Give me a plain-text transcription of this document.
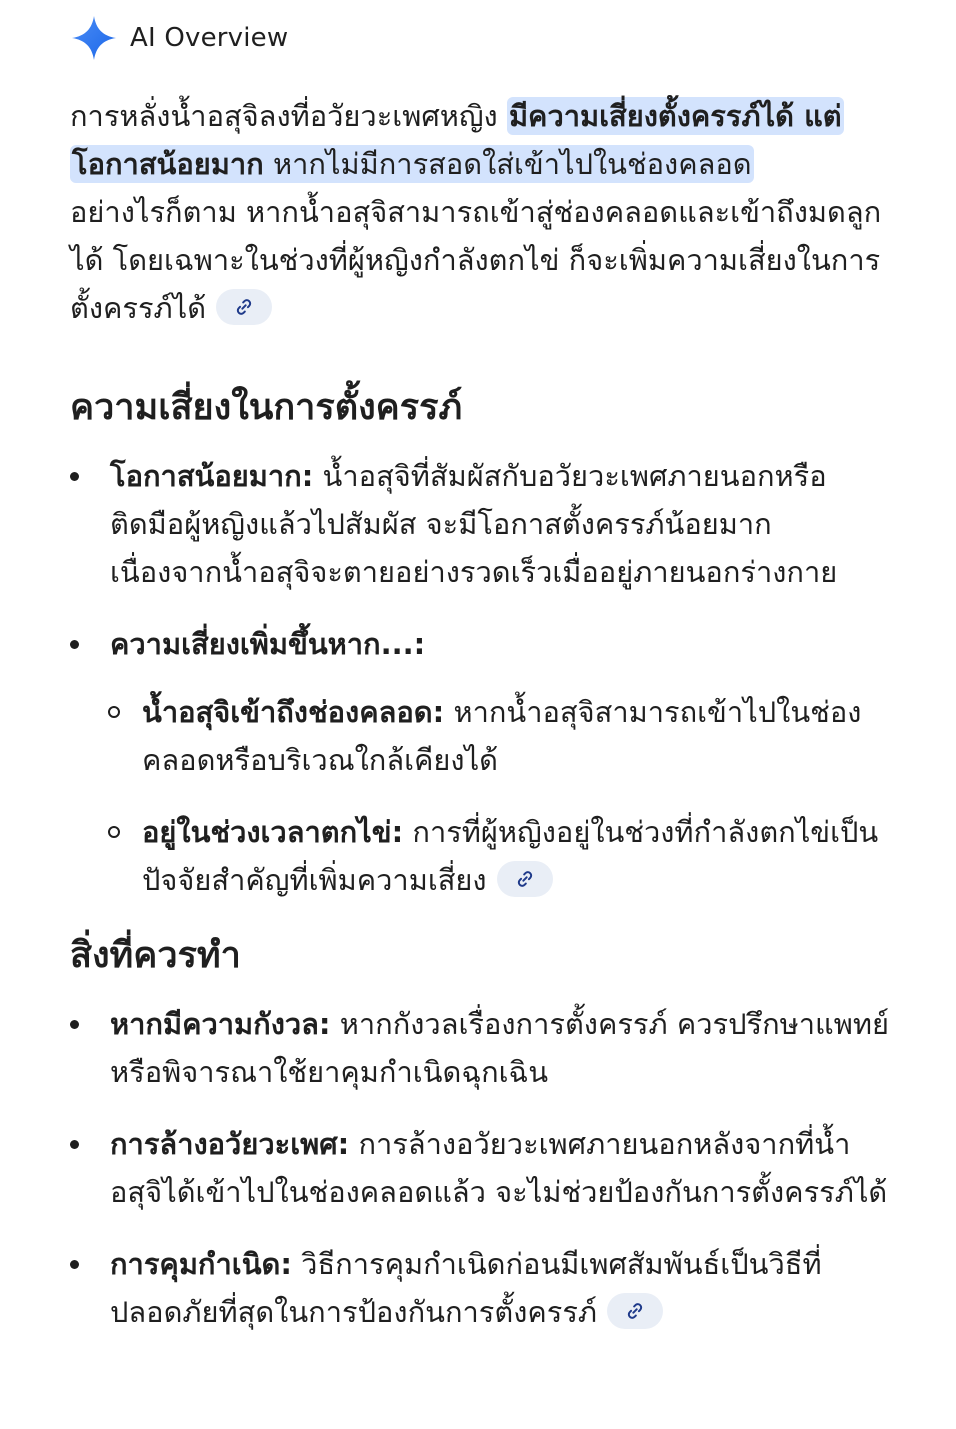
AI Overview

การหลั่งน้ำอสุจิลงที่อวัยวะเพศหญิง มีความเสี่ยงตั้งครรภ์ได้ แต่โอกาสน้อยมาก หากไม่มีการสอดใส่เข้าไปในช่องคลอด
อย่างไรก็ตาม หากน้ำอสุจิสามารถเข้าสู่ช่องคลอดและเข้าถึงมดลูกได้ โดยเฉพาะในช่วงที่ผู้หญิงกำลังตกไข่ ก็จะเพิ่มความเสี่ยงในการตั้งครรภ์ได้

ความเสี่ยงในการตั้งครรภ์
โอกาสน้อยมาก: น้ำอสุจิที่สัมผัสกับอวัยวะเพศภายนอกหรือติดมือผู้หญิงแล้วไปสัมผัส จะมีโอกาสตั้งครรภ์น้อยมาก เนื่องจากน้ำอสุจิจะตายอย่างรวดเร็วเมื่ออยู่ภายนอกร่างกาย
ความเสี่ยงเพิ่มขึ้นหาก...:
น้ำอสุจิเข้าถึงช่องคลอด: หากน้ำอสุจิสามารถเข้าไปในช่องคลอดหรือบริเวณใกล้เคียงได้
อยู่ในช่วงเวลาตกไข่: การที่ผู้หญิงอยู่ในช่วงที่กำลังตกไข่เป็นปัจจัยสำคัญที่เพิ่มความเสี่ยง
สิ่งที่ควรทำ
หากมีความกังวล: หากกังวลเรื่องการตั้งครรภ์ ควรปรึกษาแพทย์หรือพิจารณาใช้ยาคุมกำเนิดฉุกเฉิน
การล้างอวัยวะเพศ: การล้างอวัยวะเพศภายนอกหลังจากที่น้ำอสุจิได้เข้าไปในช่องคลอดแล้ว จะไม่ช่วยป้องกันการตั้งครรภ์ได้
การคุมกำเนิด: วิธีการคุมกำเนิดก่อนมีเพศสัมพันธ์เป็นวิธีที่ปลอดภัยที่สุดในการป้องกันการตั้งครรภ์
